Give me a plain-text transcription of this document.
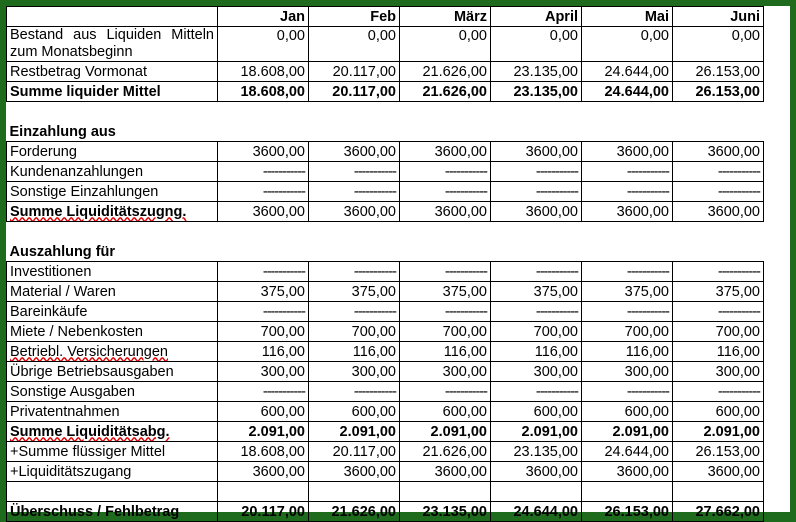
	Jan	Feb	März	April	Mai	Juni
Bestand aus Liquiden Mitteln zum Monatsbeginn	0,00	0,00	0,00	0,00	0,00	0,00
Restbetrag Vormonat	18.608,00	20.117,00	21.626,00	23.135,00	24.644,00	26.153,00
Summe liquider Mittel	18.608,00	20.117,00	21.626,00	23.135,00	24.644,00	26.153,00

Einzahlung aus						
Forderung	3600,00	3600,00	3600,00	3600,00	3600,00	3600,00
Kundenanzahlungen	-----------	-----------	-----------	-----------	-----------	-----------
Sonstige Einzahlungen	-----------	-----------	-----------	-----------	-----------	-----------
Summe Liquiditätszugng.	3600,00	3600,00	3600,00	3600,00	3600,00	3600,00

Auszahlung für						
Investitionen	-----------	-----------	-----------	-----------	-----------	-----------
Material / Waren	375,00	375,00	375,00	375,00	375,00	375,00
Bareinkäufe	-----------	-----------	-----------	-----------	-----------	-----------
Miete / Nebenkosten	700,00	700,00	700,00	700,00	700,00	700,00
Betriebl. Versicherungen	116,00	116,00	116,00	116,00	116,00	116,00
Übrige Betriebsausgaben	300,00	300,00	300,00	300,00	300,00	300,00
Sonstige Ausgaben	-----------	-----------	-----------	-----------	-----------	-----------
Privatentnahmen	600,00	600,00	600,00	600,00	600,00	600,00
Summe Liquiditätsabg.	2.091,00	2.091,00	2.091,00	2.091,00	2.091,00	2.091,00
+Summe flüssiger Mittel	18.608,00	20.117,00	21.626,00	23.135,00	24.644,00	26.153,00
+Liquiditätszugang	3600,00	3600,00	3600,00	3600,00	3600,00	3600,00

Überschuss / Fehlbetrag	20.117,00	21.626,00	23.135,00	24.644,00	26.153,00	27.662,00
